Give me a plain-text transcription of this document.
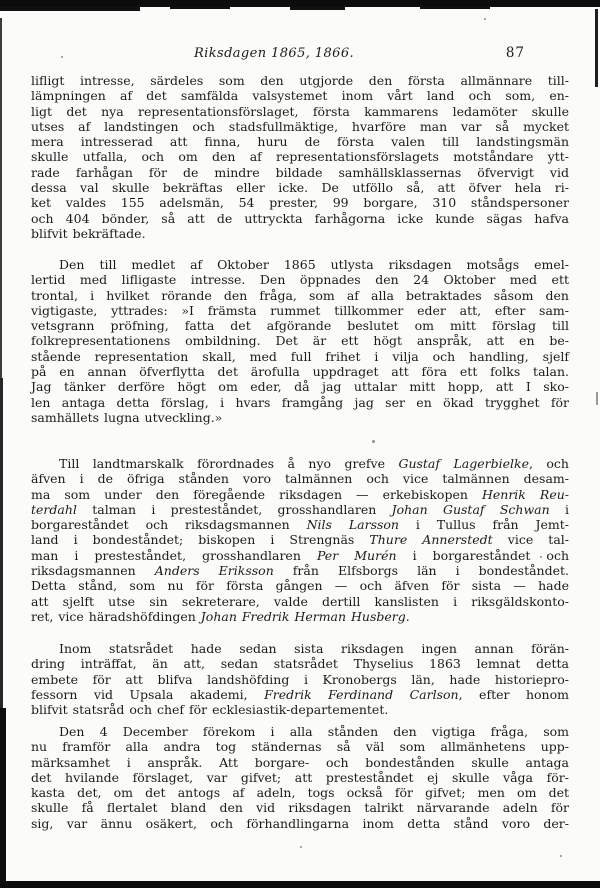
Riksdagen 1865, 1866.	87
lifligt intresse, särdeles som den utgjorde den första allmännare till-
lämpningen af det samfälda valsystemet inom vårt land och som, en-
ligt det nya representationsförslaget, första kammarens ledamöter skulle
utses af landstingen och stadsfullmäktige, hvarföre man var så mycket
mera intresserad att finna, huru de första valen till landstingsmän
skulle utfalla, och om den af representationsförslagets motståndare ytt-
rade farhågan för de mindre bildade samhällsklassernas öfvervigt vid
dessa val skulle bekräftas eller icke. De utföllo så, att öfver hela ri-
ket valdes 155 adelsmän, 54 prester, 99 borgare, 310 ståndspersoner
och 404 bönder, så att de uttryckta farhågorna icke kunde sägas hafva
blifvit bekräftade.
Den till medlet af Oktober 1865 utlysta riksdagen motsågs emel-
lertid med lifligaste intresse. Den öppnades den 24 Oktober med ett
trontal, i hvilket rörande den fråga, som af alla betraktades såsom den
vigtigaste, yttrades: »I främsta rummet tillkommer eder att, efter sam-
vetsgrann pröfning, fatta det afgörande beslutet om mitt förslag till
folkrepresentationens ombildning. Det är ett högt anspråk, att en be-
stående representation skall, med full frihet i vilja och handling, sjelf
på en annan öfverflytta det ärofulla uppdraget att föra ett folks talan.
Jag tänker derföre högt om eder, då jag uttalar mitt hopp, att I sko-
len antaga detta förslag, i hvars framgång jag ser en ökad trygghet för
samhällets lugna utveckling.»
Till landtmarskalk förordnades å nyo grefve Gustaf Lagerbielke, och
äfven i de öfriga stånden voro talmännen och vice talmännen desam-
ma som under den föregående riksdagen — erkebiskopen Henrik Reu-
terdahl talman i presteståndet, grosshandlaren Johan Gustaf Schwan i
borgareståndet och riksdagsmannen Nils Larsson i Tullus från Jemt-
land i bondeståndet; biskopen i Strengnäs Thure Annerstedt vice tal-
man i presteståndet, grosshandlaren Per Murén i borgareståndet och
riksdagsmannen Anders Eriksson från Elfsborgs län i bondeståndet.
Detta stånd, som nu för första gången — och äfven för sista — hade
att sjelft utse sin sekreterare, valde dertill kanslisten i riksgäldskonto-
ret, vice häradshöfdingen Johan Fredrik Herman Husberg.
Inom statsrådet hade sedan sista riksdagen ingen annan förän-
dring inträffat, än att, sedan statsrådet Thyselius 1863 lemnat detta
embete för att blifva landshöfding i Kronobergs län, hade historiepro-
fessorn vid Upsala akademi, Fredrik Ferdinand Carlson, efter honom
blifvit statsråd och chef för ecklesiastik-departementet.
Den 4 December förekom i alla stånden den vigtiga fråga, som
nu framför alla andra tog ständernas så väl som allmänhetens upp-
märksamhet i anspråk. Att borgare- och bondestånden skulle antaga
det hvilande förslaget, var gifvet; att presteståndet ej skulle våga för-
kasta det, om det antogs af adeln, togs också för gifvet; men om det
skulle få flertalet bland den vid riksdagen talrikt närvarande adeln för
sig, var ännu osäkert, och förhandlingarna inom detta stånd voro der-
